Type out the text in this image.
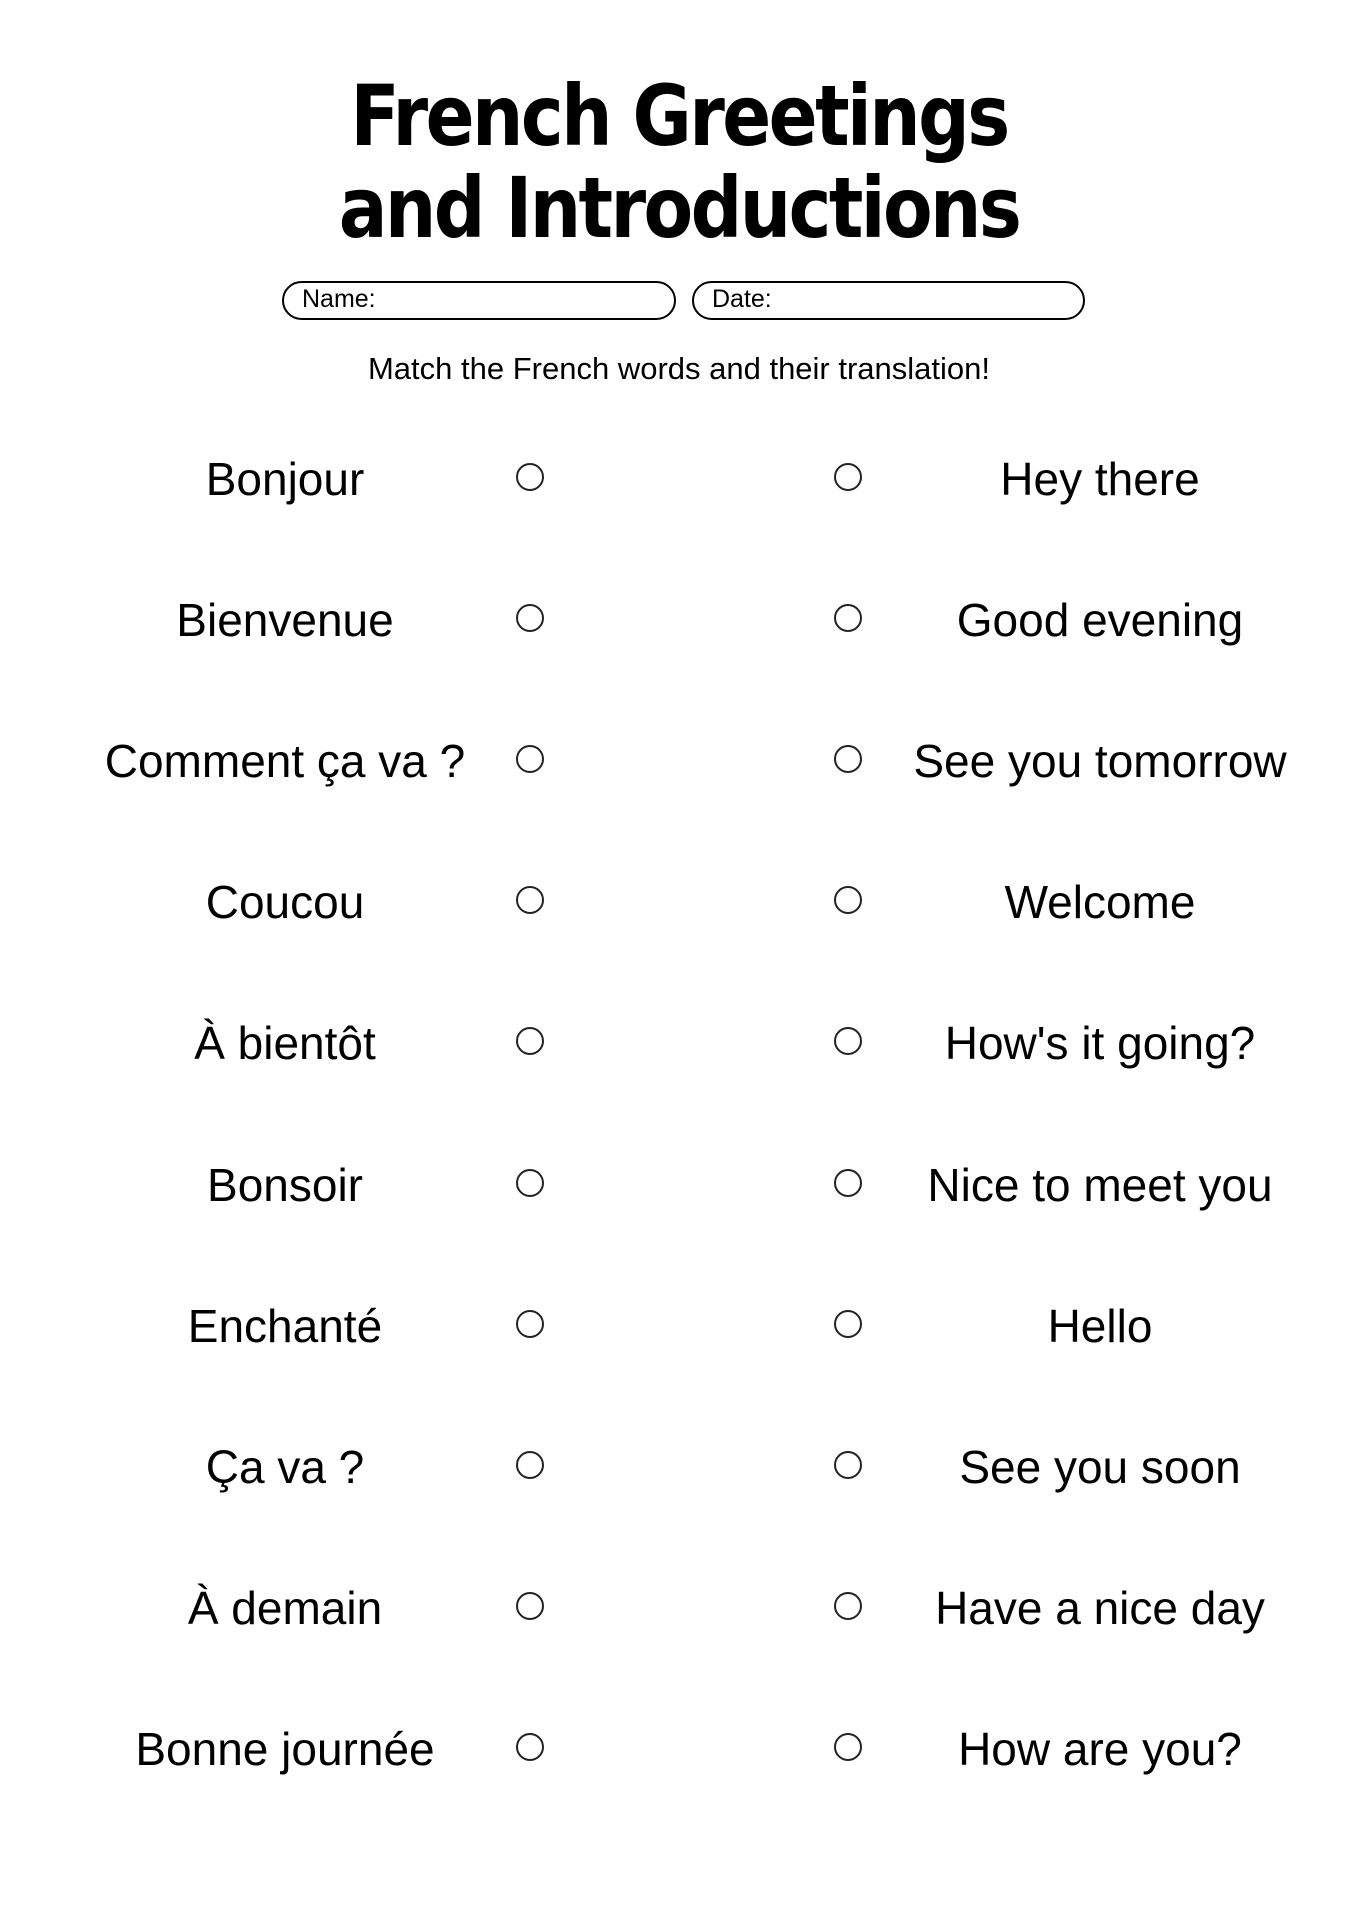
French Greetings
and Introductions
Name:	Date:
Match the French words and their translation!
Bonjour	Hey there
Bienvenue	Good evening
Comment ça va ?	See you tomorrow
Coucou	Welcome
À bientôt	How's it going?
Bonsoir	Nice to meet you
Enchanté	Hello
Ça va ?	See you soon
À demain	Have a nice day
Bonne journée	How are you?
